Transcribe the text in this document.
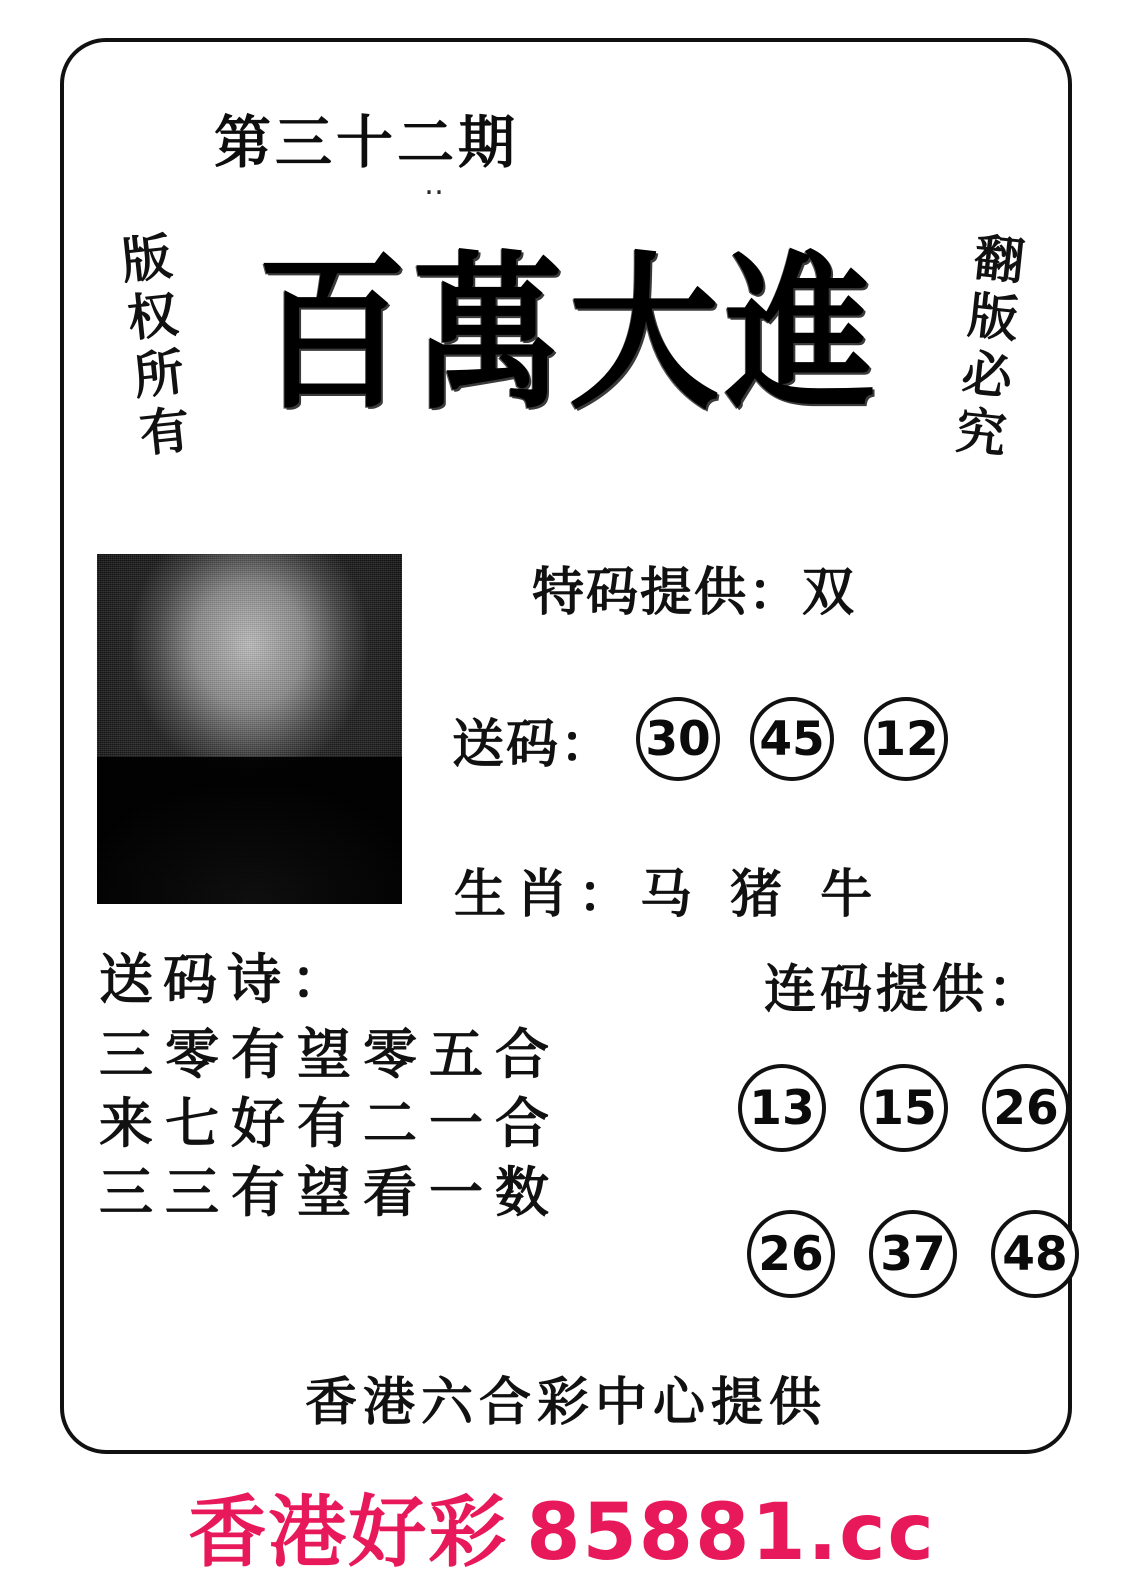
第三十二期
‥
版权所有	翻版必究
百萬大進
特码提供：双
送码： 30 45 12
生肖：马 猪 牛
送码诗：
三零有望零五合
来七好有二一合
三三有望看一数
连码提供：
13 15 26
26 37 48
香港六合彩中心提供
香港好彩 85881.cc
